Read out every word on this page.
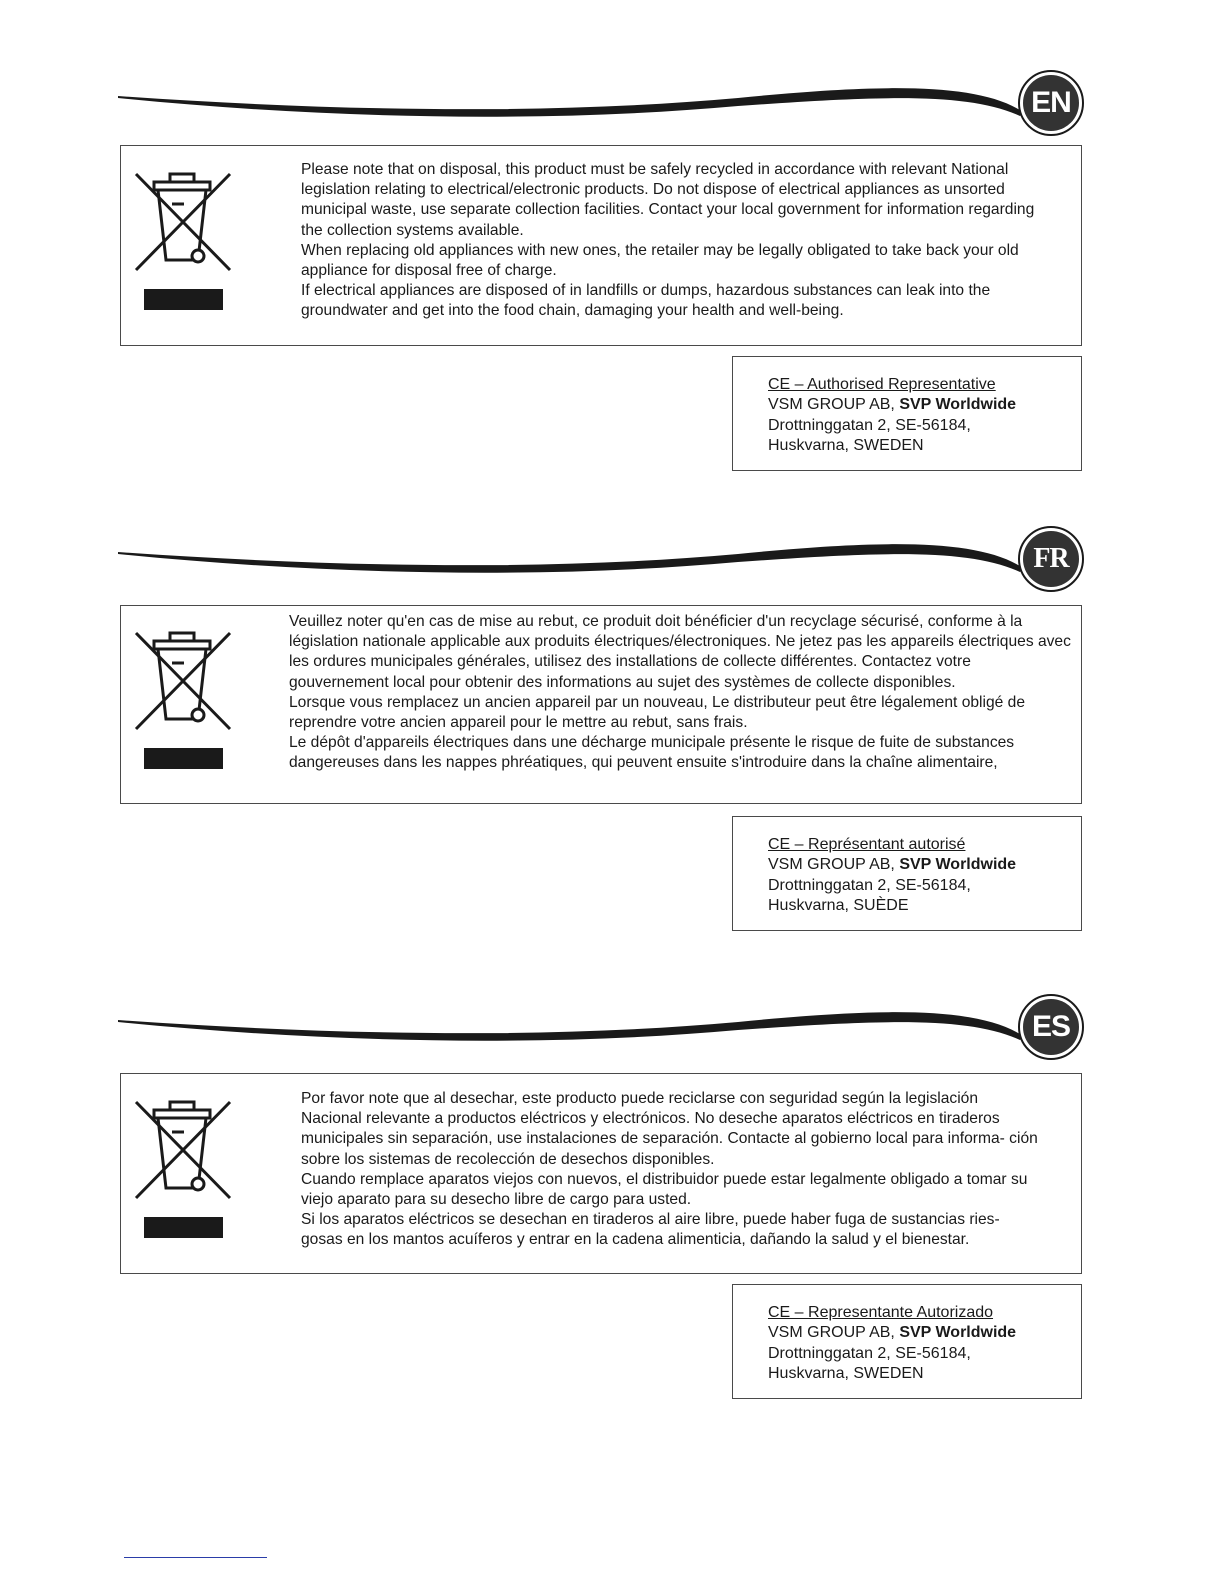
EN

Please note that on disposal, this product must be safely recycled in accordance with relevant National legislation relating to electrical/electronic products. Do not dispose of electrical appliances as unsorted municipal waste, use separate collection facilities. Contact your local government for information regarding the collection systems available.

When replacing old appliances with new ones, the retailer may be legally obligated to take back your old appliance for disposal free of charge.

If electrical appliances are disposed of in landfills or dumps, hazardous substances can leak into the groundwater and get into the food chain, damaging your health and well-being.

CE – Authorised Representative
VSM GROUP AB, SVP Worldwide
Drottninggatan 2, SE-56184,
Huskvarna, SWEDEN
FR

Veuillez noter qu'en cas de mise au rebut, ce produit doit bénéficier d'un recyclage sécurisé, conforme à la législation nationale applicable aux produits électriques/électroniques. Ne jetez pas les appareils électriques avec les ordures municipales générales, utilisez des installations de collecte différentes. Contactez votre gouvernement local pour obtenir des informations au sujet des systèmes de collecte disponibles.

Lorsque vous remplacez un ancien appareil par un nouveau, Le distributeur peut être légalement obligé de reprendre votre ancien appareil pour le mettre au rebut, sans frais.

Le dépôt d'appareils électriques dans une décharge municipale présente le risque de fuite de substances dangereuses dans les nappes phréatiques, qui peuvent ensuite s'introduire dans la chaîne alimentaire,

CE – Représentant autorisé
VSM GROUP AB, SVP Worldwide
Drottninggatan 2, SE-56184,
Huskvarna, SUÈDE
ES

Por favor note que al desechar, este producto puede reciclarse con seguridad según la legislación Nacional relevante a productos eléctricos y electrónicos. No deseche aparatos eléctricos en tiraderos municipales sin separación, use instalaciones de separación. Contacte al gobierno local para informa- ción sobre los sistemas de recolección de desechos disponibles.

Cuando remplace aparatos viejos con nuevos, el distribuidor puede estar legalmente obligado a tomar su viejo aparato para su desecho libre de cargo para usted.

Si los aparatos eléctricos se desechan en tiraderos al aire libre, puede haber fuga de sustancias ries- gosas en los mantos acuíferos y entrar en la cadena alimenticia, dañando la salud y el bienestar.

CE – Representante Autorizado
VSM GROUP AB, SVP Worldwide
Drottninggatan 2, SE-56184,
Huskvarna, SWEDEN
